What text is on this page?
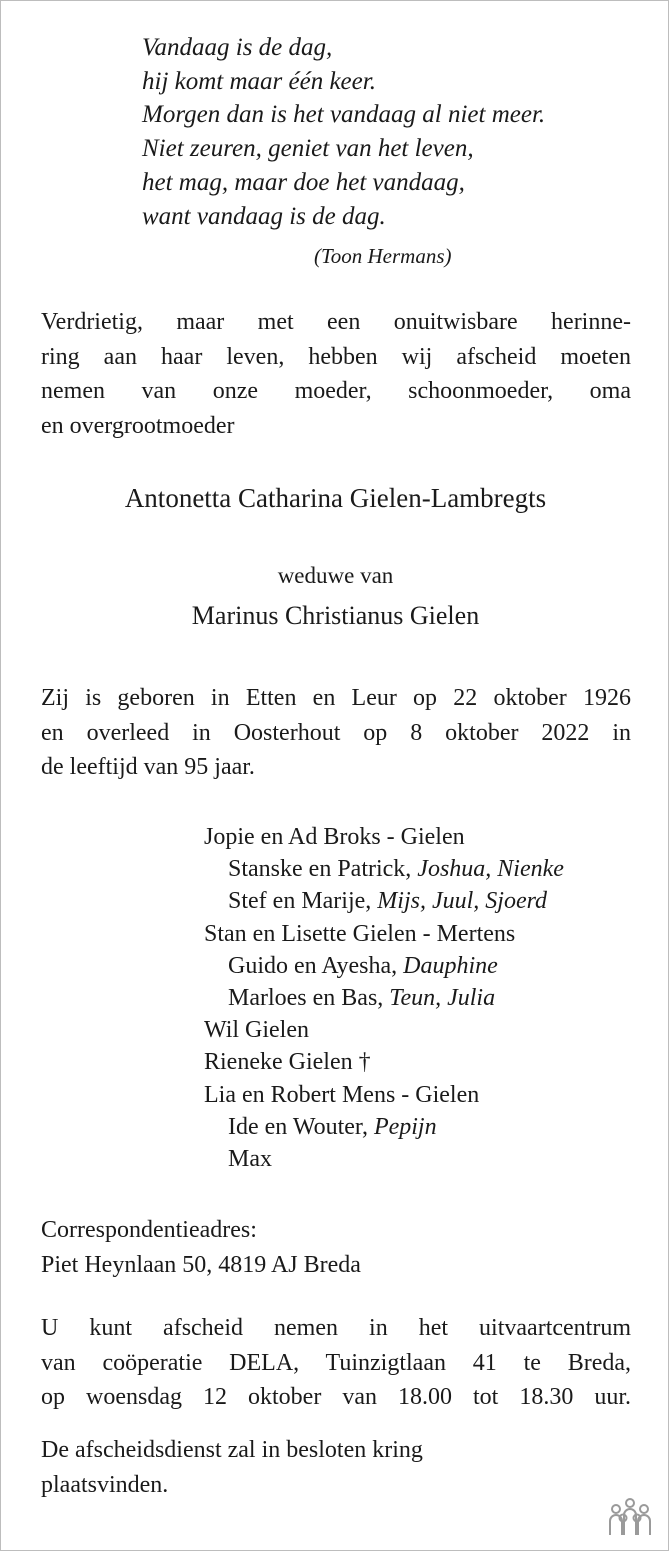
Vandaag is de dag,
hij komt maar één keer.
Morgen dan is het vandaag al niet meer.
Niet zeuren, geniet van het leven,
het mag, maar doe het vandaag,
want vandaag is de dag.
(Toon Hermans)
Verdrietig, maar met een onuitwisbare herinne-
ring aan haar leven, hebben wij afscheid moeten
nemen van onze moeder, schoonmoeder, oma
en overgrootmoeder
Antonetta Catharina Gielen-Lambregts
weduwe van
Marinus Christianus Gielen
Zij is geboren in Etten en Leur op 22 oktober 1926
en overleed in Oosterhout op 8 oktober 2022 in
de leeftijd van 95 jaar.
Jopie en Ad Broks - Gielen
Stanske en Patrick, Joshua, Nienke
Stef en Marije, Mijs, Juul, Sjoerd
Stan en Lisette Gielen - Mertens
Guido en Ayesha, Dauphine
Marloes en Bas, Teun, Julia
Wil Gielen
Rieneke Gielen †
Lia en Robert Mens - Gielen
Ide en Wouter, Pepijn
Max
Correspondentieadres:
Piet Heynlaan 50, 4819 AJ Breda
U kunt afscheid nemen in het uitvaartcentrum
van coöperatie DELA, Tuinzigtlaan 41 te Breda,
op woensdag 12 oktober van 18.00 tot 18.30 uur.
De afscheidsdienst zal in besloten kring
plaatsvinden.
